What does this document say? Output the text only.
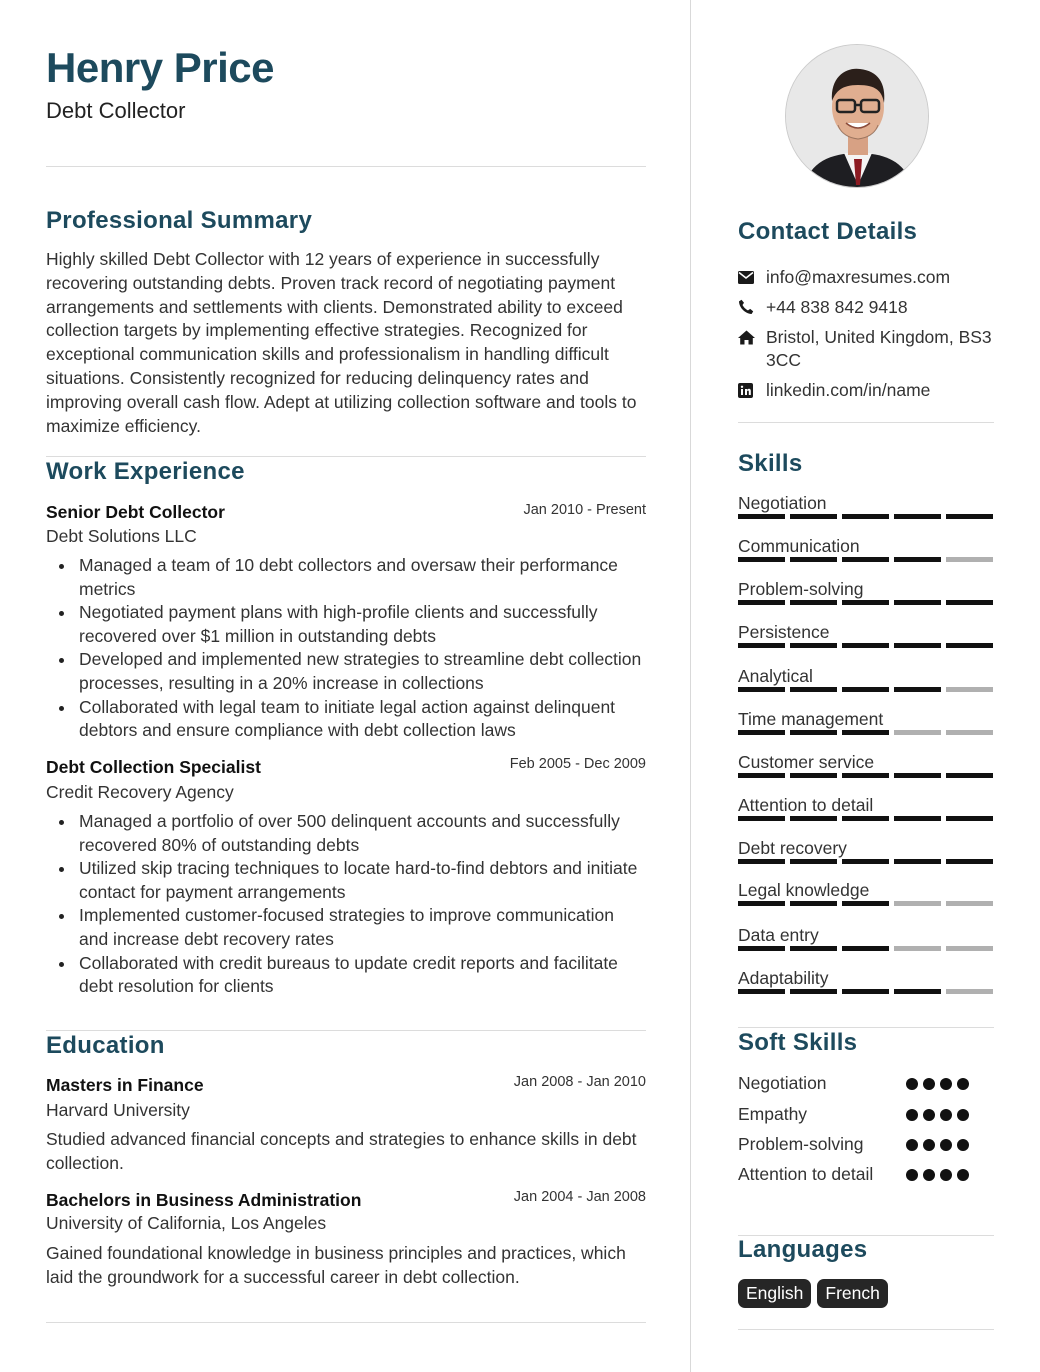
Henry Price
Debt Collector
Professional Summary

Highly skilled Debt Collector with 12 years of experience in successfully recovering outstanding debts. Proven track record of negotiating payment arrangements and settlements with clients. Demonstrated ability to exceed collection targets by implementing effective strategies. Recognized for exceptional communication skills and professionalism in handling difficult situations. Consistently recognized for reducing delinquency rates and improving overall cash flow. Adept at utilizing collection software and tools to maximize efficiency.

Work Experience
Senior Debt Collector	Jan 2010 - Present
Debt Solutions LLC
Managed a team of 10 debt collectors and oversaw their performance metrics
Negotiated payment plans with high-profile clients and successfully recovered over $1 million in outstanding debts
Developed and implemented new strategies to streamline debt collection processes, resulting in a 20% increase in collections
Collaborated with legal team to initiate legal action against delinquent debtors and ensure compliance with debt collection laws
Debt Collection Specialist	Feb 2005 - Dec 2009
Credit Recovery Agency
Managed a portfolio of over 500 delinquent accounts and successfully recovered 80% of outstanding debts
Utilized skip tracing techniques to locate hard-to-find debtors and initiate contact for payment arrangements
Implemented customer-focused strategies to improve communication and increase debt recovery rates
Collaborated with credit bureaus to update credit reports and facilitate debt resolution for clients
Education
Masters in Finance	Jan 2008 - Jan 2010
Harvard University

Studied advanced financial concepts and strategies to enhance skills in debt collection.

Bachelors in Business Administration	Jan 2004 - Jan 2008
University of California, Los Angeles

Gained foundational knowledge in business principles and practices, which laid the groundwork for a successful career in debt collection.

Contact Details
info@maxresumes.com
+44 838 842 9418
Bristol, United Kingdom, BS3 3CC
linkedin.com/in/name
Skills
Negotiation
Communication
Problem-solving
Persistence
Analytical
Time management
Customer service
Attention to detail
Debt recovery
Legal knowledge
Data entry
Adaptability
Soft Skills
Negotiation
Empathy
Problem-solving
Attention to detail
Languages
English	French
